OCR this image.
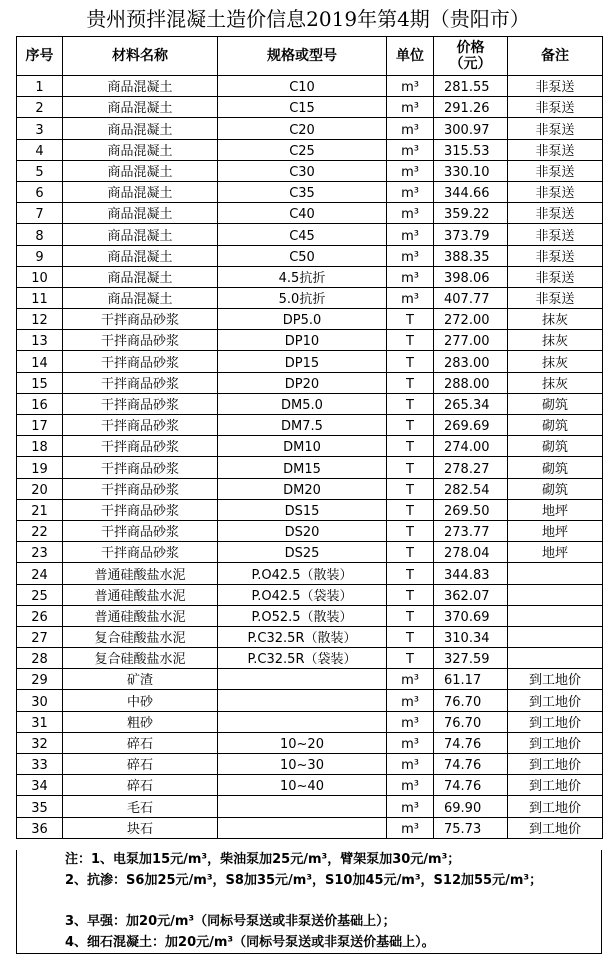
贵州预拌混凝土造价信息2019年第4期（贵阳市）
序号	材料名称	规格或型号	单位	价格（元）	备注
1	商品混凝土	C10	m³	281.55	非泵送
2	商品混凝土	C15	m³	291.26	非泵送
3	商品混凝土	C20	m³	300.97	非泵送
4	商品混凝土	C25	m³	315.53	非泵送
5	商品混凝土	C30	m³	330.10	非泵送
6	商品混凝土	C35	m³	344.66	非泵送
7	商品混凝土	C40	m³	359.22	非泵送
8	商品混凝土	C45	m³	373.79	非泵送
9	商品混凝土	C50	m³	388.35	非泵送
10	商品混凝土	4.5抗折	m³	398.06	非泵送
11	商品混凝土	5.0抗折	m³	407.77	非泵送
12	干拌商品砂浆	DP5.0	T	272.00	抹灰
13	干拌商品砂浆	DP10	T	277.00	抹灰
14	干拌商品砂浆	DP15	T	283.00	抹灰
15	干拌商品砂浆	DP20	T	288.00	抹灰
16	干拌商品砂浆	DM5.0	T	265.34	砌筑
17	干拌商品砂浆	DM7.5	T	269.69	砌筑
18	干拌商品砂浆	DM10	T	274.00	砌筑
19	干拌商品砂浆	DM15	T	278.27	砌筑
20	干拌商品砂浆	DM20	T	282.54	砌筑
21	干拌商品砂浆	DS15	T	269.50	地坪
22	干拌商品砂浆	DS20	T	273.77	地坪
23	干拌商品砂浆	DS25	T	278.04	地坪
24	普通硅酸盐水泥	P.O42.5（散装）	T	344.83	
25	普通硅酸盐水泥	P.O42.5（袋装）	T	362.07	
26	普通硅酸盐水泥	P.O52.5（散装）	T	370.69	
27	复合硅酸盐水泥	P.C32.5R（散装）	T	310.34	
28	复合硅酸盐水泥	P.C32.5R（袋装）	T	327.59	
29	矿渣		m³	61.17	到工地价
30	中砂		m³	76.70	到工地价
31	粗砂		m³	76.70	到工地价
32	碎石	10~20	m³	74.76	到工地价
33	碎石	10~30	m³	74.76	到工地价
34	碎石	10~40	m³	74.76	到工地价
35	毛石		m³	69.90	到工地价
36	块石		m³	75.73	到工地价
注：1、电泵加15元/m³，柴油泵加25元/m³，臂架泵加30元/m³；
2、抗渗：S6加25元/m³，S8加35元/m³，S10加45元/m³，S12加55元/m³；
3、早强：加20元/m³（同标号泵送或非泵送价基础上）；
4、细石混凝土：加20元/m³（同标号泵送或非泵送价基础上）。
